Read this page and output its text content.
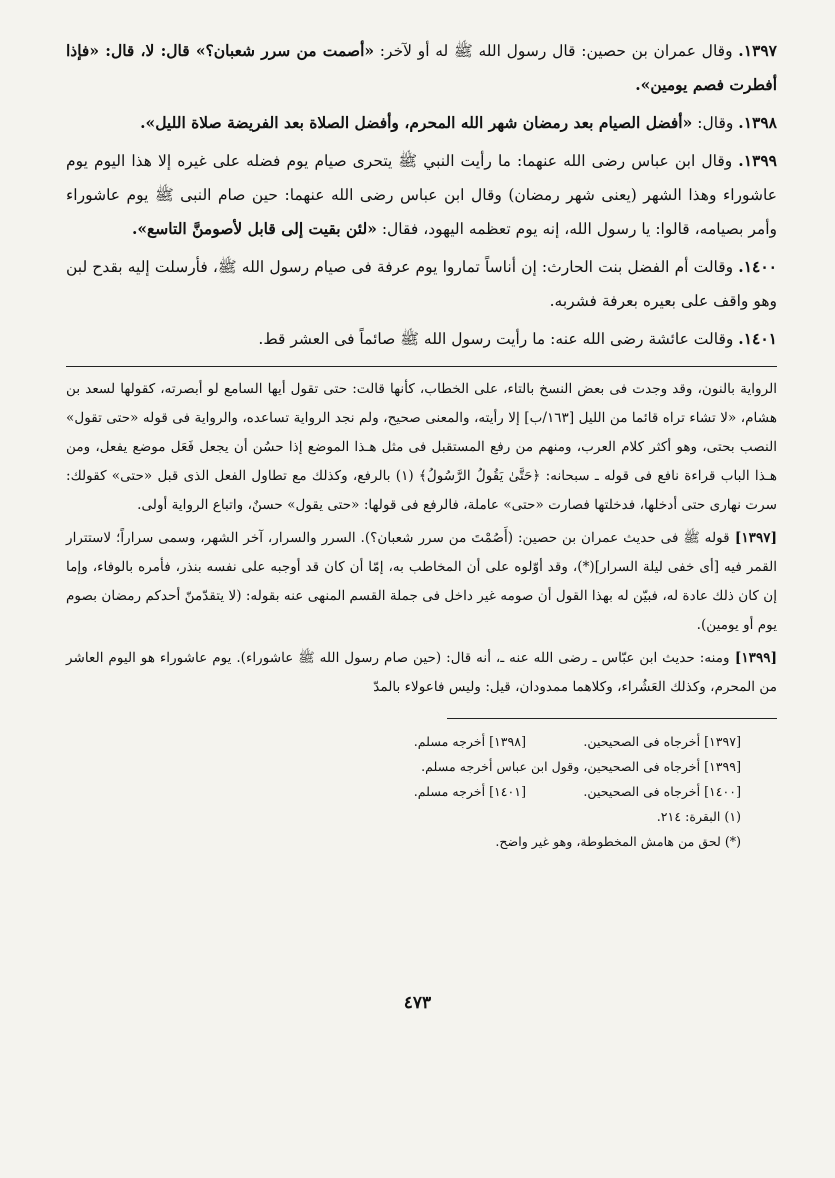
١٣٩٧. وقال عمران بن حصين: قال رسول الله ﷺ له أو لآخر: «أصمت من سرر شعبان؟» قال: لا، قال: «فإذا أفطرت فصم يومين».

١٣٩٨. وقال: «أفضل الصيام بعد رمضان شهر الله المحرم، وأفضل الصلاة بعد الفريضة صلاة الليل».

١٣٩٩. وقال ابن عباس رضى الله عنهما: ما رأيت النبي ﷺ يتحرى صيام يوم فضله على غيره إلا هذا اليوم يوم عاشوراء وهذا الشهر (يعنى شهر رمضان) وقال ابن عباس رضى الله عنهما: حين صام النبى ﷺ يوم عاشوراء وأمر بصيامه، قالوا: يا رسول الله، إنه يوم تعظمه اليهود، فقال: «لئن بقيت إلى قابل لأصومنَّ التاسع».

١٤٠٠. وقالت أم الفضل بنت الحارث: إن أناساً تماروا يوم عرفة فى صيام رسول الله ﷺ، فأرسلت إليه بقدح لبن وهو واقف على بعيره بعرفة فشربه.

١٤٠١. وقالت عائشة رضى الله عنه: ما رأيت رسول الله ﷺ صائماً فى العشر قط.

الرواية بالنون، وقد وجدت فى بعض النسخ بالتاء، على الخطاب، كأنها قالت: حتى تقول أيها السامع لو أبصرته، كقولها لسعد بن هشام، «لا تشاء تراه قائما من الليل [١٦٣/ب] إلا رأيته، والمعنى صحيح، ولم نجد الرواية تساعده، والرواية فى قوله «حتى تقول» النصب بحتى، وهو أكثر كلام العرب، ومنهم من رفع المستقبل فى مثل هـذا الموضع إذا حسُن أن يجعل فَعَل موضع يفعل، ومن هـذا الباب قراءة نافع فى قوله ـ سبحانه: ﴿حَتَّىٰ يَقُولُ الرَّسُولُ﴾ (١) بالرفع، وكذلك مع تطاول الفعل الذى قبل «حتى» كقولك: سرت نهارى حتى أدخلها، فدخلتها فصارت «حتى» عاملة، فالرفع فى قولها: «حتى يقول» حسنٌ، واتباع الرواية أولى.

[١٣٩٧] قوله ﷺ فى حديث عمران بن حصين: (أَصُمْتَ من سرر شعبان؟). السرر والسرار، آخر الشهر، وسمى سراراً؛ لاستترار القمر فيه [أى خفى ليلة السرار](*)، وقد أوّلوه على أن المخاطب به، إمّا أن كان قد أوجبه على نفسه بنذر، فأمره بالوفاء، وإما إن كان ذلك عادة له، فبيّن له بهذا القول أن صومه غير داخل فى جملة القسم المنهى عنه بقوله: (لا يتقدّمنّ أحدكم رمضان بصوم يوم أو يومين).

[١٣٩٩] ومنه: حديث ابن عبّاس ـ رضى الله عنه ـ، أنه قال: (حين صام رسول الله ﷺ عاشوراء). يوم عاشوراء هو اليوم العاشر من المحرم، وكذلك العَشُراء، وكلاهما ممدودان، قيل: وليس فاعولاء بالمدّ

[١٣٩٧] أخرجاه فى الصحيحين.
[١٣٩٨] أخرجه مسلم.
[١٣٩٩] أخرجاه فى الصحيحين، وقول ابن عباس أخرجه مسلم.
[١٤٠٠] أخرجاه فى الصحيحين.
[١٤٠١] أخرجه مسلم.
(١) البقرة: ٢١٤.
(*) لحق من هامش المخطوطة، وهو غير واضح.
٤٧٣
